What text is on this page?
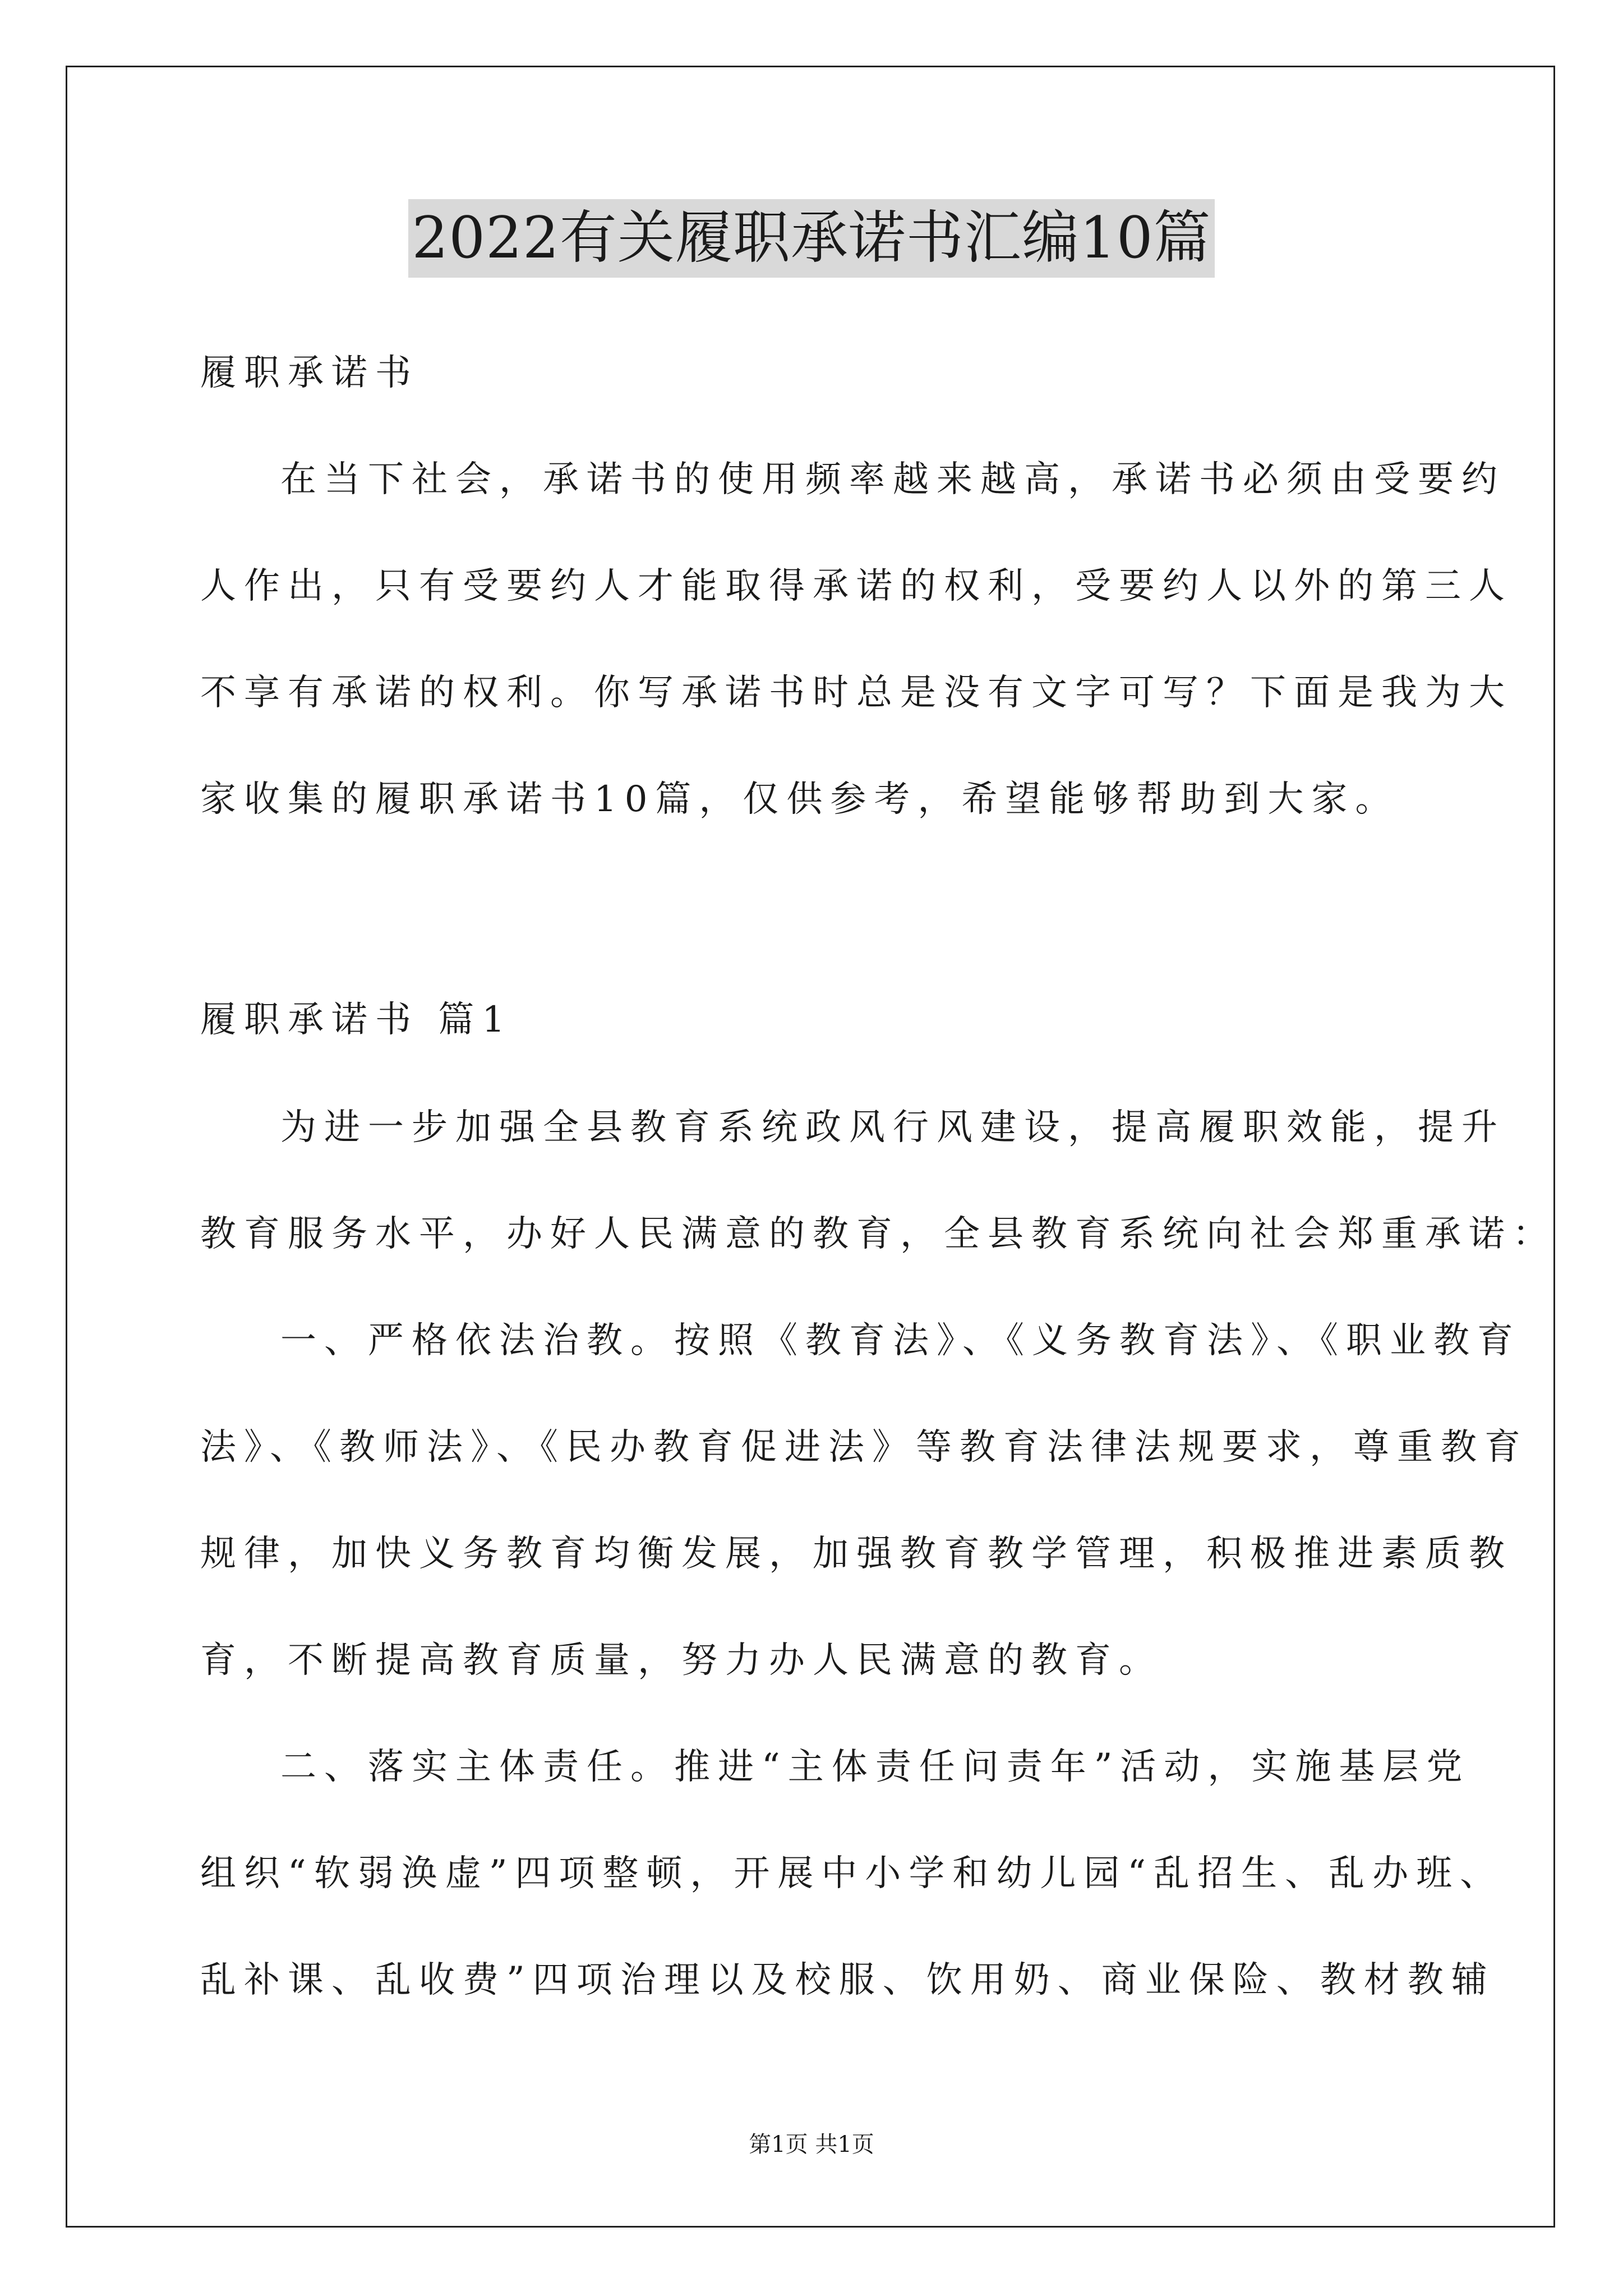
2022有关履职承诺书汇编10篇
履职承诺书
在当下社会，承诺书的使用频率越来越高，承诺书必须由受要约
人作出，只有受要约人才能取得承诺的权利，受要约人以外的第三人
不享有承诺的权利。你写承诺书时总是没有文字可写？下面是我为大
家收集的履职承诺书10篇，仅供参考，希望能够帮助到大家。
履职承诺书 篇1
为进一步加强全县教育系统政风行风建设，提高履职效能，提升
教育服务水平，办好人民满意的教育，全县教育系统向社会郑重承诺：
一、严格依法治教。按照《教育法》、《义务教育法》、《职业教育
法》、《教师法》、《民办教育促进法》等教育法律法规要求，尊重教育
规律，加快义务教育均衡发展，加强教育教学管理，积极推进素质教
育，不断提高教育质量，努力办人民满意的教育。
二、落实主体责任。推进“主体责任问责年”活动，实施基层党
组织“软弱涣虚”四项整顿，开展中小学和幼儿园“乱招生、乱办班、
乱补课、乱收费”四项治理以及校服、饮用奶、商业保险、教材教辅
第1页 共1页
